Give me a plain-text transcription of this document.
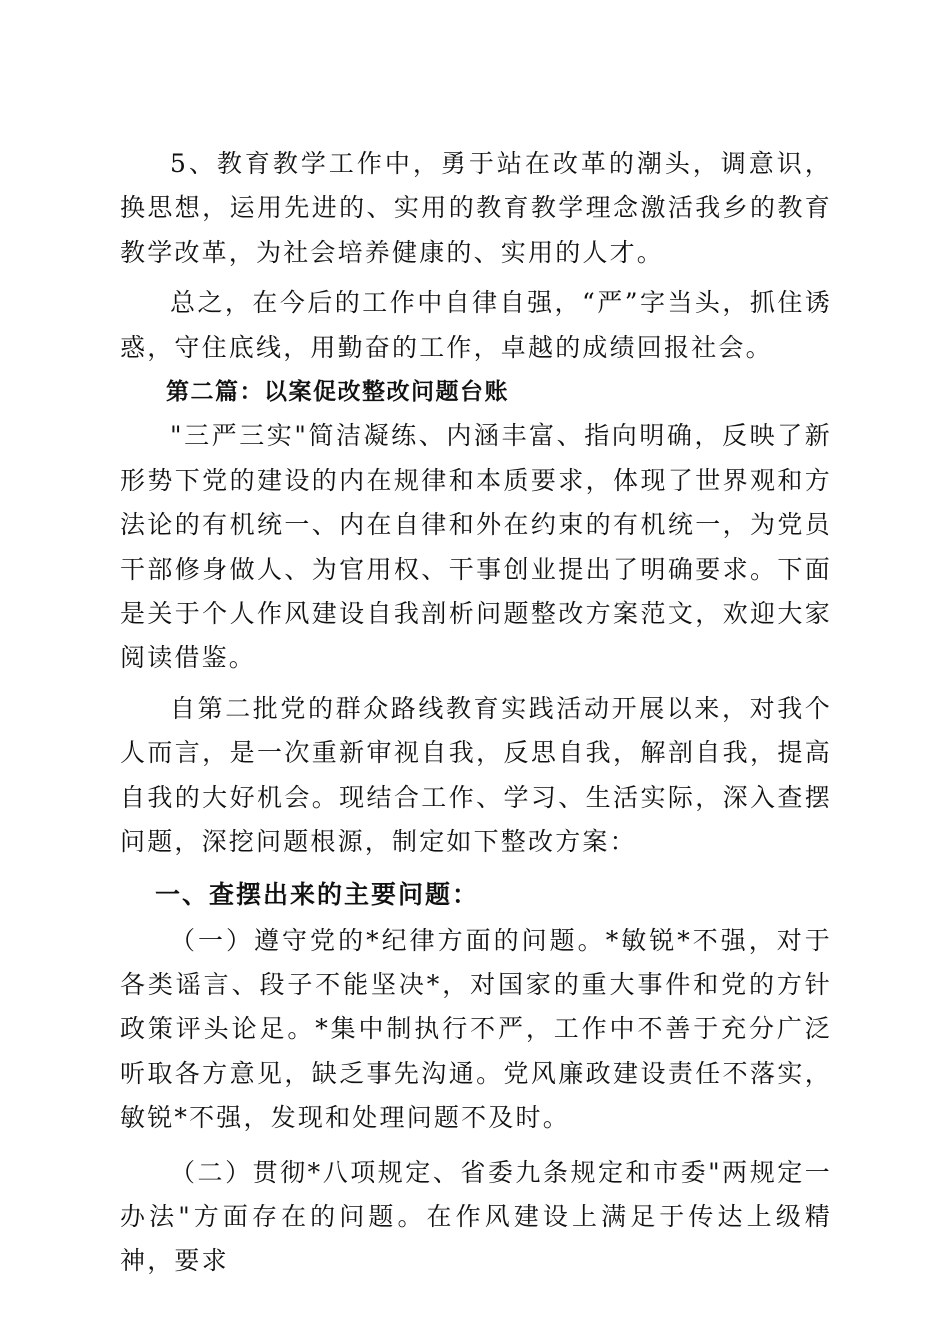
5、教育教学工作中，勇于站在改革的潮头，调意识，换思想，运用先进的、实用的教育教学理念激活我乡的教育教学改革，为社会培养健康的、实用的人才。

总之，在今后的工作中自律自强，“严”字当头，抓住诱惑，守住底线，用勤奋的工作，卓越的成绩回报社会。

第二篇：以案促改整改问题台账

"三严三实"简洁凝练、内涵丰富、指向明确，反映了新形势下党的建设的内在规律和本质要求，体现了世界观和方法论的有机统一、内在自律和外在约束的有机统一，为党员干部修身做人、为官用权、干事创业提出了明确要求。下面是关于个人作风建设自我剖析问题整改方案范文，欢迎大家阅读借鉴。

自第二批党的群众路线教育实践活动开展以来，对我个人而言，是一次重新审视自我，反思自我，解剖自我，提高自我的大好机会。现结合工作、学习、生活实际，深入查摆问题，深挖问题根源，制定如下整改方案：

一、查摆出来的主要问题：

（一）遵守党的*纪律方面的问题。*敏锐*不强，对于各类谣言、段子不能坚决*，对国家的重大事件和党的方针政策评头论足。*集中制执行不严，工作中不善于充分广泛听取各方意见，缺乏事先沟通。党风廉政建设责任不落实，敏锐*不强，发现和处理问题不及时。

（二）贯彻*八项规定、省委九条规定和市委"两规定一办法"方面存在的问题。在作风建设上满足于传达上级精神，要求
